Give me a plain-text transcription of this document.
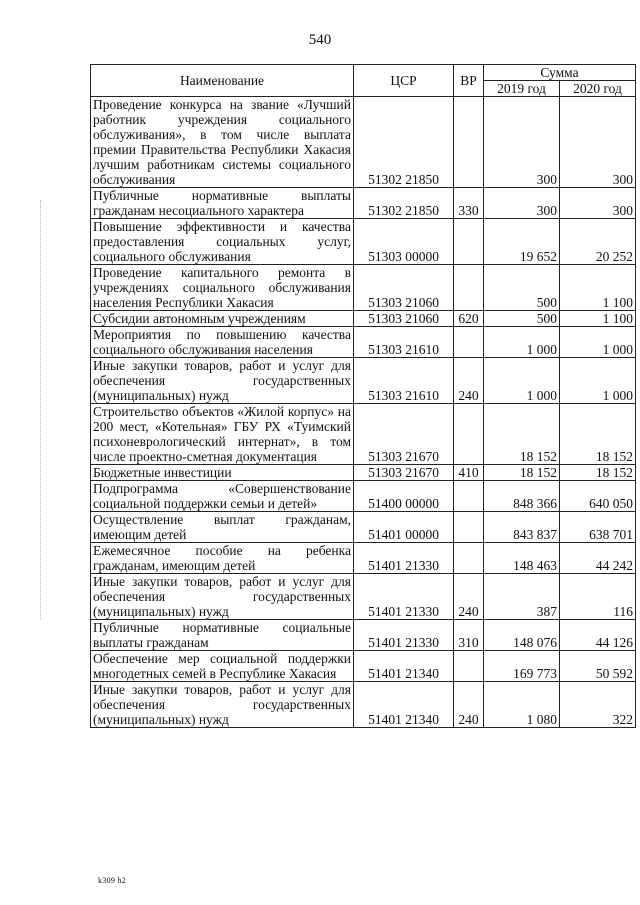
540
Наименование	ЦСР	ВР	Сумма	
			2019 год	2020 год
Проведение конкурса на звание «Лучший работник учреждения социального обслуживания», в том числе выплата премии Правительства Республики Хакасия лучшим работникам системы социального обслуживания	51302 21850		300	300
Публичные нормативные выплаты гражданам несоциального характера	51302 21850	330	300	300
Повышение эффективности и качества предоставления социальных услуг, социального обслуживания	51303 00000		19 652	20 252
Проведение капитального ремонта в учреждениях социального обслуживания населения Республики Хакасия	51303 21060		500	1 100
Субсидии автономным учреждениям	51303 21060	620	500	1 100
Мероприятия по повышению качества социального обслуживания населения	51303 21610		1 000	1 000
Иные закупки товаров, работ и услуг для обеспечения государственных (муниципальных) нужд	51303 21610	240	1 000	1 000
Строительство объектов «Жилой корпус» на 200 мест, «Котельная» ГБУ РХ «Туимский психоневрологический интернат», в том числе проектно-сметная документация	51303 21670		18 152	18 152
Бюджетные инвестиции	51303 21670	410	18 152	18 152
Подпрограмма «Совершенствование социальной поддержки семьи и детей»	51400 00000		848 366	640 050
Осуществление выплат гражданам, имеющим детей	51401 00000		843 837	638 701
Ежемесячное пособие на ребенка гражданам, имеющим детей	51401 21330		148 463	44 242
Иные закупки товаров, работ и услуг для обеспечения государственных (муниципальных) нужд	51401 21330	240	387	116
Публичные нормативные социальные выплаты гражданам	51401 21330	310	148 076	44 126
Обеспечение мер социальной поддержки многодетных семей в Республике Хакасия	51401 21340		169 773	50 592
Иные закупки товаров, работ и услуг для обеспечения государственных (муниципальных) нужд	51401 21340	240	1 080	322
k309 h2
